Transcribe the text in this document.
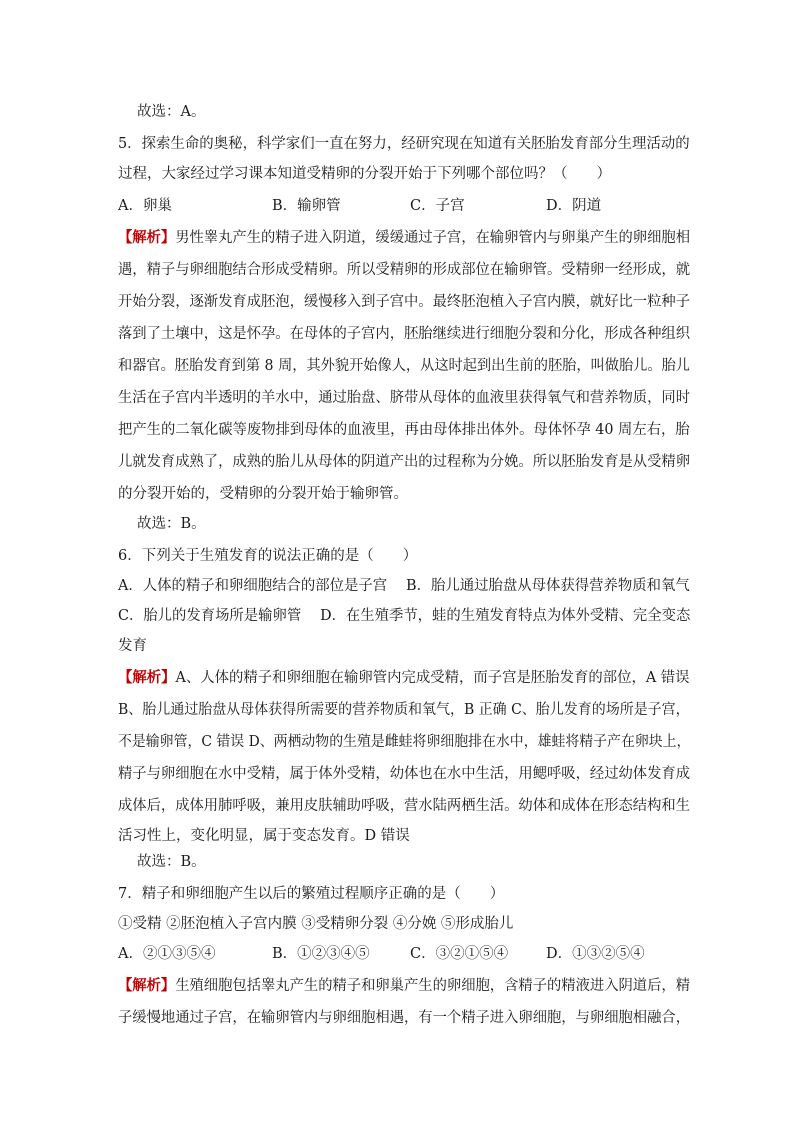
故选：A。
5．探索生命的奥秘，科学家们一直在努力，经研究现在知道有关胚胎发育部分生理活动的
过程，大家经过学习课本知道受精卵的分裂开始于下列哪个部位吗？（　　）
A．卵巢	B．输卵管	C．子宫	D．阴道
【解析】男性睾丸产生的精子进入阴道，缓缓通过子宫，在输卵管内与卵巢产生的卵细胞相
遇，精子与卵细胞结合形成受精卵。所以受精卵的形成部位在输卵管。受精卵一经形成，就
开始分裂，逐渐发育成胚泡，缓慢移入到子宫中。最终胚泡植入子宫内膜，就好比一粒种子
落到了土壤中，这是怀孕。在母体的子宫内，胚胎继续进行细胞分裂和分化，形成各种组织
和器官。胚胎发育到第 8 周，其外貌开始像人，从这时起到出生前的胚胎，叫做胎儿。胎儿
生活在子宫内半透明的羊水中，通过胎盘、脐带从母体的血液里获得氧气和营养物质，同时
把产生的二氧化碳等废物排到母体的血液里，再由母体排出体外。母体怀孕 40 周左右，胎
儿就发育成熟了，成熟的胎儿从母体的阴道产出的过程称为分娩。所以胚胎发育是从受精卵
的分裂开始的，受精卵的分裂开始于输卵管。
故选：B。
6．下列关于生殖发育的说法正确的是（　　）
A．人体的精子和卵细胞结合的部位是子宫　 B．胎儿通过胎盘从母体获得营养物质和氧气
C．胎儿的发育场所是输卵管　 D．在生殖季节，蛙的生殖发育特点为体外受精、完全变态
发育
【解析】A、人体的精子和卵细胞在输卵管内完成受精，而子宫是胚胎发育的部位，A 错误
B、胎儿通过胎盘从母体获得所需要的营养物质和氧气，B 正确 C、胎儿发育的场所是子宫，
不是输卵管，C 错误 D、两栖动物的生殖是雌蛙将卵细胞排在水中，雄蛙将精子产在卵块上，
精子与卵细胞在水中受精，属于体外受精，幼体也在水中生活，用鳃呼吸，经过幼体发育成
成体后，成体用肺呼吸，兼用皮肤辅助呼吸，营水陆两栖生活。幼体和成体在形态结构和生
活习性上，变化明显，属于变态发育。D 错误
故选：B。
7．精子和卵细胞产生以后的繁殖过程顺序正确的是（　　）
①受精 ②胚泡植入子宫内膜 ③受精卵分裂 ④分娩 ⑤形成胎儿
A．②①③⑤④	B．①②③④⑤	C．③②①⑤④	D．①③②⑤④
【解析】生殖细胞包括睾丸产生的精子和卵巢产生的卵细胞，含精子的精液进入阴道后，精
子缓慢地通过子宫，在输卵管内与卵细胞相遇，有一个精子进入卵细胞，与卵细胞相融合，
